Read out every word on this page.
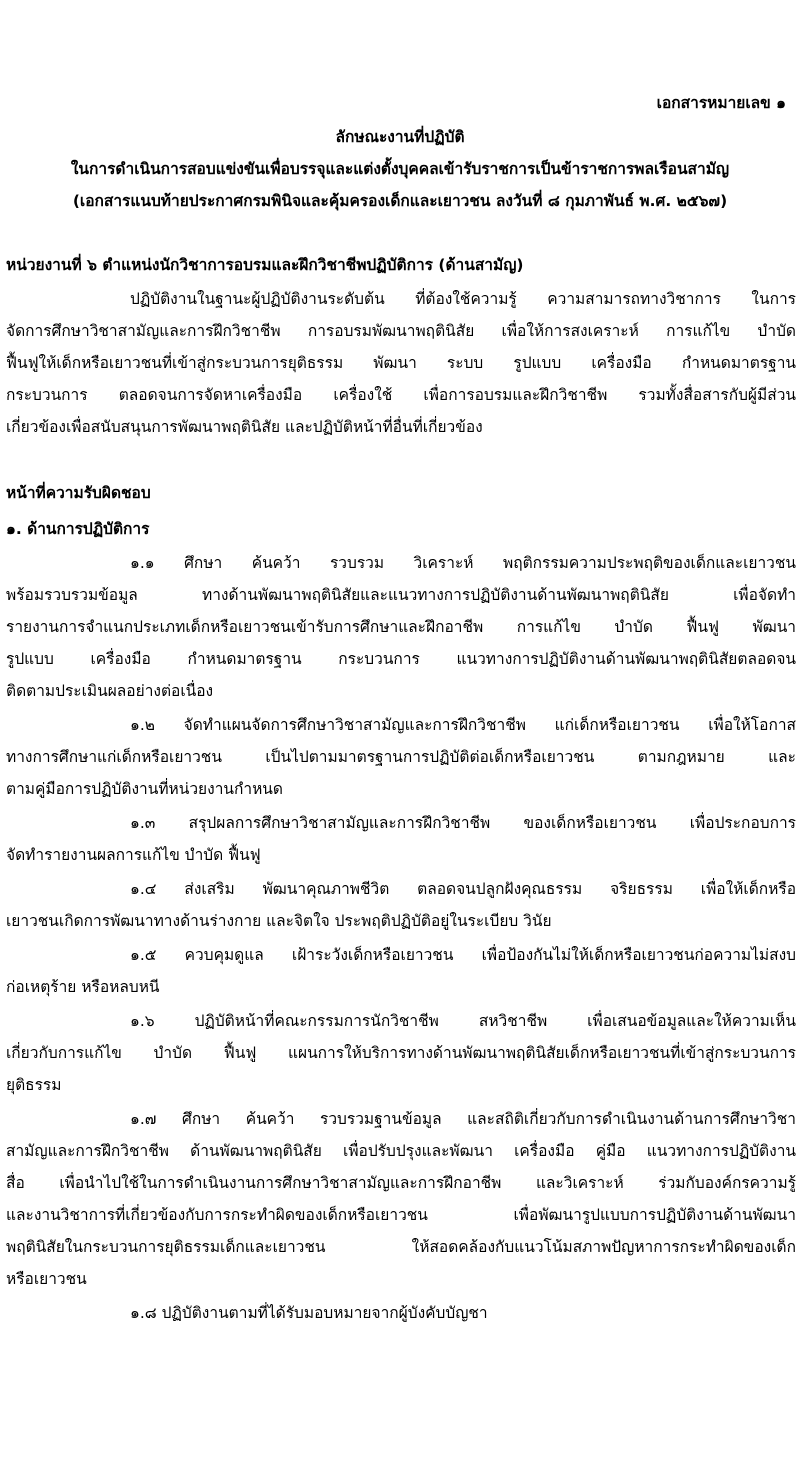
เอกสารหมายเลข ๑
ลักษณะงานที่ปฏิบัติ
ในการดำเนินการสอบแข่งขันเพื่อบรรจุและแต่งตั้งบุคคลเข้ารับราชการเป็นข้าราชการพลเรือนสามัญ
(เอกสารแนบท้ายประกาศกรมพินิจและคุ้มครองเด็กและเยาวชน ลงวันที่ ๘ กุมภาพันธ์ พ.ศ. ๒๕๖๗)
หน่วยงานที่ ๖ ตำแหน่งนักวิชาการอบรมและฝึกวิชาชีพปฏิบัติการ (ด้านสามัญ)
ปฏิบัติงานในฐานะผู้ปฏิบัติงานระดับต้น ที่ต้องใช้ความรู้ ความสามารถทางวิชาการ ในการ
จัดการศึกษาวิชาสามัญและการฝึกวิชาชีพ การอบรมพัฒนาพฤตินิสัย เพื่อให้การสงเคราะห์ การแก้ไข บำบัด
ฟื้นฟูให้เด็กหรือเยาวชนที่เข้าสู่กระบวนการยุติธรรม พัฒนา ระบบ รูปแบบ เครื่องมือ กำหนดมาตรฐาน
กระบวนการ ตลอดจนการจัดหาเครื่องมือ เครื่องใช้ เพื่อการอบรมและฝึกวิชาชีพ รวมทั้งสื่อสารกับผู้มีส่วน
เกี่ยวข้องเพื่อสนับสนุนการพัฒนาพฤตินิสัย และปฏิบัติหน้าที่อื่นที่เกี่ยวข้อง
หน้าที่ความรับผิดชอบ
๑. ด้านการปฏิบัติการ
๑.๑ ศึกษา ค้นคว้า รวบรวม วิเคราะห์ พฤติกรรมความประพฤติของเด็กและเยาวชน
พร้อมรวบรวมข้อมูล ทางด้านพัฒนาพฤตินิสัยและแนวทางการปฏิบัติงานด้านพัฒนาพฤตินิสัย เพื่อจัดทำ
รายงานการจำแนกประเภทเด็กหรือเยาวชนเข้ารับการศึกษาและฝึกอาชีพ การแก้ไข บำบัด ฟื้นฟู พัฒนา
รูปแบบ เครื่องมือ กำหนดมาตรฐาน กระบวนการ แนวทางการปฏิบัติงานด้านพัฒนาพฤตินิสัยตลอดจน
ติดตามประเมินผลอย่างต่อเนื่อง
๑.๒ จัดทำแผนจัดการศึกษาวิชาสามัญและการฝึกวิชาชีพ แก่เด็กหรือเยาวชน เพื่อให้โอกาส
ทางการศึกษาแก่เด็กหรือเยาวชน เป็นไปตามมาตรฐานการปฏิบัติต่อเด็กหรือเยาวชน ตามกฎหมาย และ
ตามคู่มือการปฏิบัติงานที่หน่วยงานกำหนด
๑.๓ สรุปผลการศึกษาวิชาสามัญและการฝึกวิชาชีพ ของเด็กหรือเยาวชน เพื่อประกอบการ
จัดทำรายงานผลการแก้ไข บำบัด ฟื้นฟู
๑.๔ ส่งเสริม พัฒนาคุณภาพชีวิต ตลอดจนปลูกฝังคุณธรรม จริยธรรม เพื่อให้เด็กหรือ
เยาวชนเกิดการพัฒนาทางด้านร่างกาย และจิตใจ ประพฤติปฏิบัติอยู่ในระเบียบ วินัย
๑.๕ ควบคุมดูแล เฝ้าระวังเด็กหรือเยาวชน เพื่อป้องกันไม่ให้เด็กหรือเยาวชนก่อความไม่สงบ
ก่อเหตุร้าย หรือหลบหนี
๑.๖ ปฏิบัติหน้าที่คณะกรรมการนักวิชาชีพ สหวิชาชีพ เพื่อเสนอข้อมูลและให้ความเห็น
เกี่ยวกับการแก้ไข บำบัด ฟื้นฟู แผนการให้บริการทางด้านพัฒนาพฤตินิสัยเด็กหรือเยาวชนที่เข้าสู่กระบวนการ
ยุติธรรม
๑.๗ ศึกษา ค้นคว้า รวบรวมฐานข้อมูล และสถิติเกี่ยวกับการดำเนินงานด้านการศึกษาวิชา
สามัญและการฝึกวิชาชีพ ด้านพัฒนาพฤตินิสัย เพื่อปรับปรุงและพัฒนา เครื่องมือ คู่มือ แนวทางการปฏิบัติงาน
สื่อ เพื่อนำไปใช้ในการดำเนินงานการศึกษาวิชาสามัญและการฝึกอาชีพ และวิเคราะห์ ร่วมกับองค์กรความรู้
และงานวิชาการที่เกี่ยวข้องกับการกระทำผิดของเด็กหรือเยาวชน เพื่อพัฒนารูปแบบการปฏิบัติงานด้านพัฒนา
พฤตินิสัยในกระบวนการยุติธรรมเด็กและเยาวชน ให้สอดคล้องกับแนวโน้มสภาพปัญหาการกระทำผิดของเด็ก
หรือเยาวชน
๑.๘ ปฏิบัติงานตามที่ได้รับมอบหมายจากผู้บังคับบัญชา
